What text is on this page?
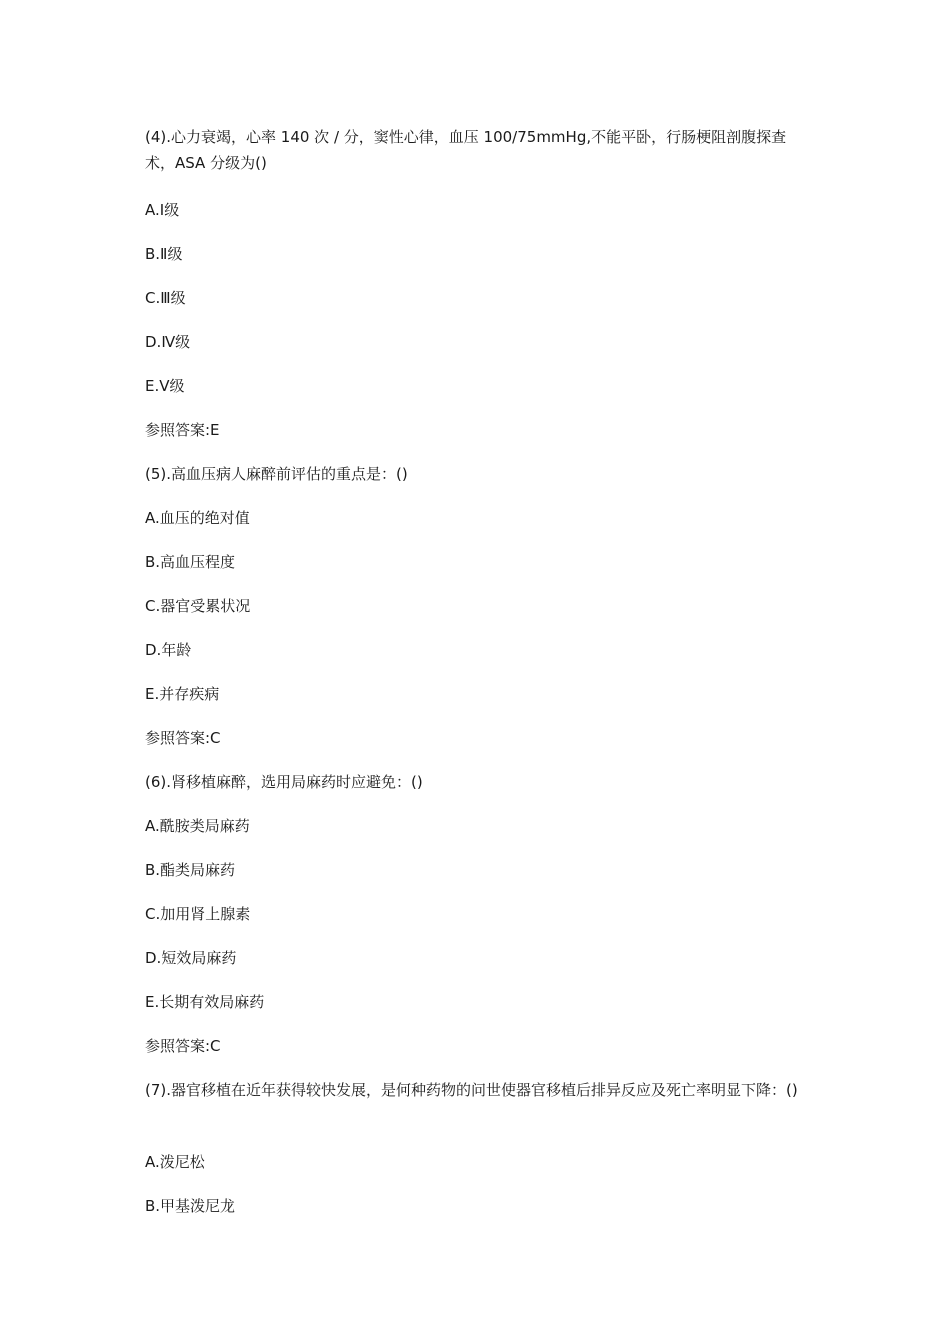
(4).心力衰竭，心率 140 次 / 分，窦性心律，血压 100/75mmHg,不能平卧，行肠梗阻剖腹探查术，ASA 分级为()
A.Ⅰ级
B.Ⅱ级
C.Ⅲ级
D.Ⅳ级
E.Ⅴ级
参照答案:E
(5).高血压病人麻醉前评估的重点是：()
A.血压的绝对值
B.高血压程度
C.器官受累状况
D.年龄
E.并存疾病
参照答案:C
(6).肾移植麻醉，选用局麻药时应避免：()
A.酰胺类局麻药
B.酯类局麻药
C.加用肾上腺素
D.短效局麻药
E.长期有效局麻药
参照答案:C
(7).器官移植在近年获得较快发展，是何种药物的问世使器官移植后排异反应及死亡率明显下降：()
A.泼尼松
B.甲基泼尼龙
